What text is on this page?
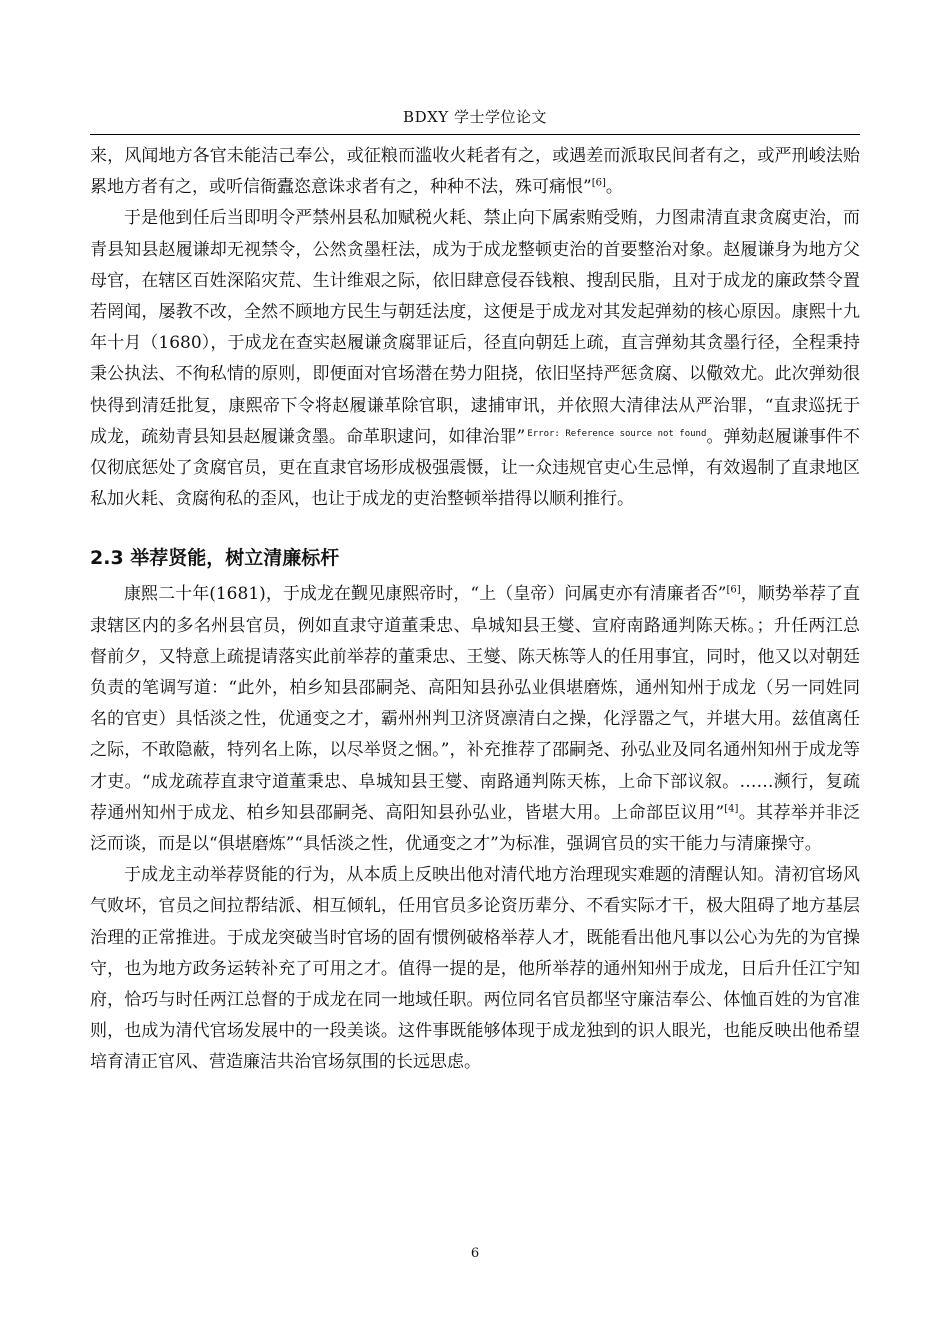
BDXY 学士学位论文

来，风闻地方各官未能洁己奉公，或征粮而滥收火耗者有之，或遇差而派取民间者有之，或严刑峻法贻累地方者有之，或听信衙蠹恣意诛求者有之，种种不法，殊可痛恨”[6]。

于是他到任后当即明令严禁州县私加赋税火耗、禁止向下属索贿受贿，力图肃清直隶贪腐吏治，而青县知县赵履谦却无视禁令，公然贪墨枉法，成为于成龙整顿吏治的首要整治对象。赵履谦身为地方父母官，在辖区百姓深陷灾荒、生计维艰之际，依旧肆意侵吞钱粮、搜刮民脂，且对于成龙的廉政禁令置若罔闻，屡教不改，全然不顾地方民生与朝廷法度，这便是于成龙对其发起弹劾的核心原因。康熙十九年十月（1680），于成龙在查实赵履谦贪腐罪证后，径直向朝廷上疏，直言弹劾其贪墨行径，全程秉持秉公执法、不徇私情的原则，即便面对官场潜在势力阻挠，依旧坚持严惩贪腐、以儆效尤。此次弹劾很快得到清廷批复，康熙帝下令将赵履谦革除官职，逮捕审讯，并依照大清律法从严治罪，“直隶巡抚于成龙，疏劾青县知县赵履谦贪墨。命革职逮问，如律治罪” $^{Error: Reference source not found}$。弹劾赵履谦事件不仅彻底惩处了贪腐官员，更在直隶官场形成极强震慑，让一众违规官吏心生忌惮，有效遏制了直隶地区私加火耗、贪腐徇私的歪风，也让于成龙的吏治整顿举措得以顺利推行。

2.3 举荐贤能，树立清廉标杆

康熙二十年(1681)，于成龙在觐见康熙帝时，“上（皇帝）问属吏亦有清廉者否”[6]，顺势举荐了直隶辖区内的多名州县官员，例如直隶守道董秉忠、阜城知县王燮、宣府南路通判陈天栋。；升任两江总督前夕，又特意上疏提请落实此前举荐的董秉忠、王燮、陈天栋等人的任用事宜，同时，他又以对朝廷负责的笔调写道：“此外，柏乡知县邵嗣尧、高阳知县孙弘业俱堪磨炼，通州知州于成龙（另一同姓同名的官吏）具恬淡之性，优通变之才，霸州州判卫济贤凛清白之操，化浮嚣之气，并堪大用。兹值离任之际，不敢隐蔽，特列名上陈，以尽举贤之悃。”，补充推荐了邵嗣尧、孙弘业及同名通州知州于成龙等才吏。“成龙疏荐直隶守道董秉忠、阜城知县王燮、南路通判陈天栋，上命下部议叙。……濒行，复疏荐通州知州于成龙、柏乡知县邵嗣尧、高阳知县孙弘业，皆堪大用。上命部臣议用”[4]。其荐举并非泛泛而谈，而是以“俱堪磨炼”“具恬淡之性，优通变之才”为标准，强调官员的实干能力与清廉操守。

于成龙主动举荐贤能的行为，从本质上反映出他对清代地方治理现实难题的清醒认知。清初官场风气败坏，官员之间拉帮结派、相互倾轧，任用官员多论资历辈分、不看实际才干，极大阻碍了地方基层治理的正常推进。于成龙突破当时官场的固有惯例破格举荐人才，既能看出他凡事以公心为先的为官操守，也为地方政务运转补充了可用之才。值得一提的是，他所举荐的通州知州于成龙，日后升任江宁知府，恰巧与时任两江总督的于成龙在同一地域任职。两位同名官员都坚守廉洁奉公、体恤百姓的为官准则，也成为清代官场发展中的一段美谈。这件事既能够体现于成龙独到的识人眼光，也能反映出他希望培育清正官风、营造廉洁共治官场氛围的长远思虑。

6
